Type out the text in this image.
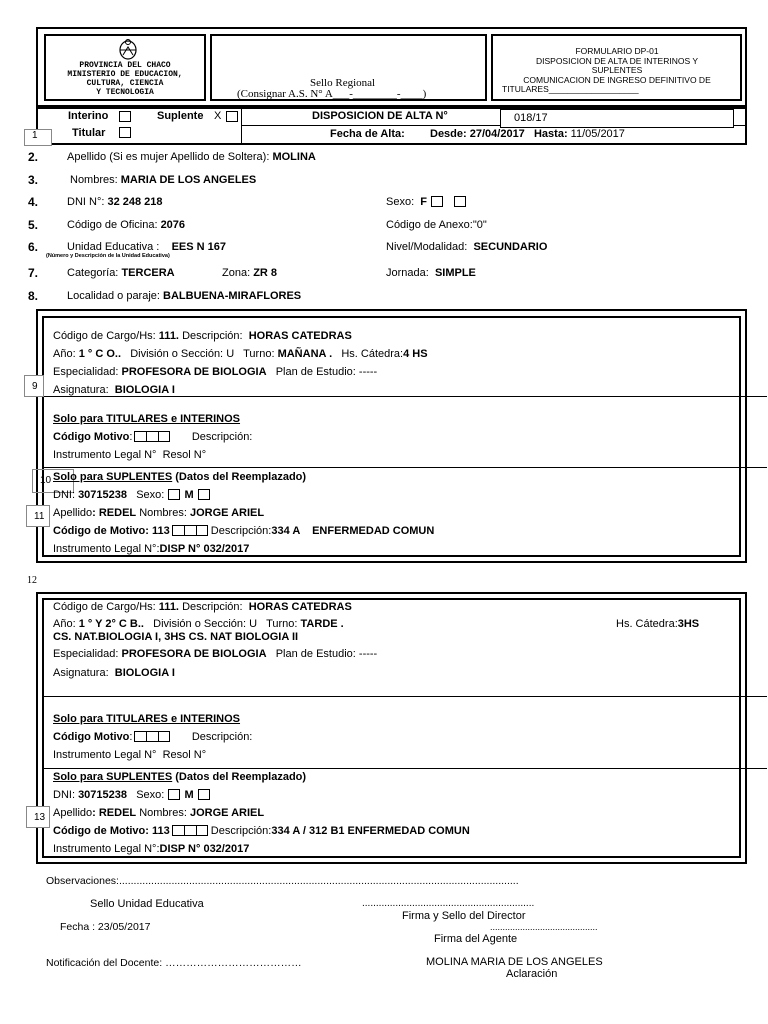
PROVINCIA DEL CHACO
MINISTERIO DE EDUCACION,
CULTURA, CIENCIA
Y TECNOLOGIA
Sello Regional
(Consignar A.S. N° A___-________-____)
FORMULARIO DP-01
DISPOSICION DE ALTA DE INTERINOS Y
SUPLENTES
COMUNICACION DE INGRESO DEFINITIVO DE
TITULARES___________________
Interino	Suplente X
Titular
1
DISPOSICION DE ALTA N°	018/17
Fecha de Alta: Desde: 27/04/2017 Hasta: 11/05/2017
2.	Apellido (Si es mujer Apellido de Soltera): MOLINA
3.	Nombres: MARIA DE LOS ANGELES
4.	DNI N°: 32 248 218	Sexo: F
5.	Código de Oficina: 2076	Código de Anexo:"0"
6.	Unidad Educativa : EES N 167
(Número y Descripción de la Unidad Educativa)
Nivel/Modalidad: SECUNDARIO
7.	Categoría: TERCERA	Zona: ZR 8	Jornada: SIMPLE
8.	Localidad o paraje: BALBUENA-MIRAFLORES
Código de Cargo/Hs: 111. Descripción: HORAS CATEDRAS
Año: 1 ° C O.. División o Sección: U Turno: MAÑANA . Hs. Cátedra:4 HS
Especialidad: PROFESORA DE BIOLOGIA Plan de Estudio: -----
9	Asignatura: BIOLOGIA I
Solo para TITULARES e INTERINOS
Código Motivo:	Descripción:
Instrumento Legal N° Resol N°
10 Solo para SUPLENTES (Datos del Reemplazado)
DNI: 30715238 Sexo: M
11 Apellido: REDEL Nombres: JORGE ARIEL
Código de Motivo: 113	Descripción:334 A    ENFERMEDAD COMUN
Instrumento Legal N°:DISP N° 032/2017
12
Código de Cargo/Hs: 111. Descripción: HORAS CATEDRAS
Año: 1 ° Y 2° C B.. División o Sección: U Turno: TARDE .	Hs. Cátedra:3HS
CS. NAT.BIOLOGIA I, 3HS CS. NAT BIOLOGIA II
Especialidad: PROFESORA DE BIOLOGIA Plan de Estudio: -----
Asignatura: BIOLOGIA I
Solo para TITULARES e INTERINOS
Código Motivo:	Descripción:
Instrumento Legal N° Resol N°
Solo para SUPLENTES (Datos del Reemplazado)
DNI: 30715238 Sexo: M
13 Apellido: REDEL Nombres: JORGE ARIEL
Código de Motivo: 113	Descripción:334 A / 312 B1 ENFERMEDAD COMUN
Instrumento Legal N°:DISP N° 032/2017
Observaciones:.........................................................................................................................................
Sello Unidad Educativa	..............................................................
Firma y Sello del Director
Fecha : 23/05/2017	...........................................
Firma del Agente
Notificación del Docente: …………………………………	MOLINA MARIA DE LOS ANGELES
Aclaración
